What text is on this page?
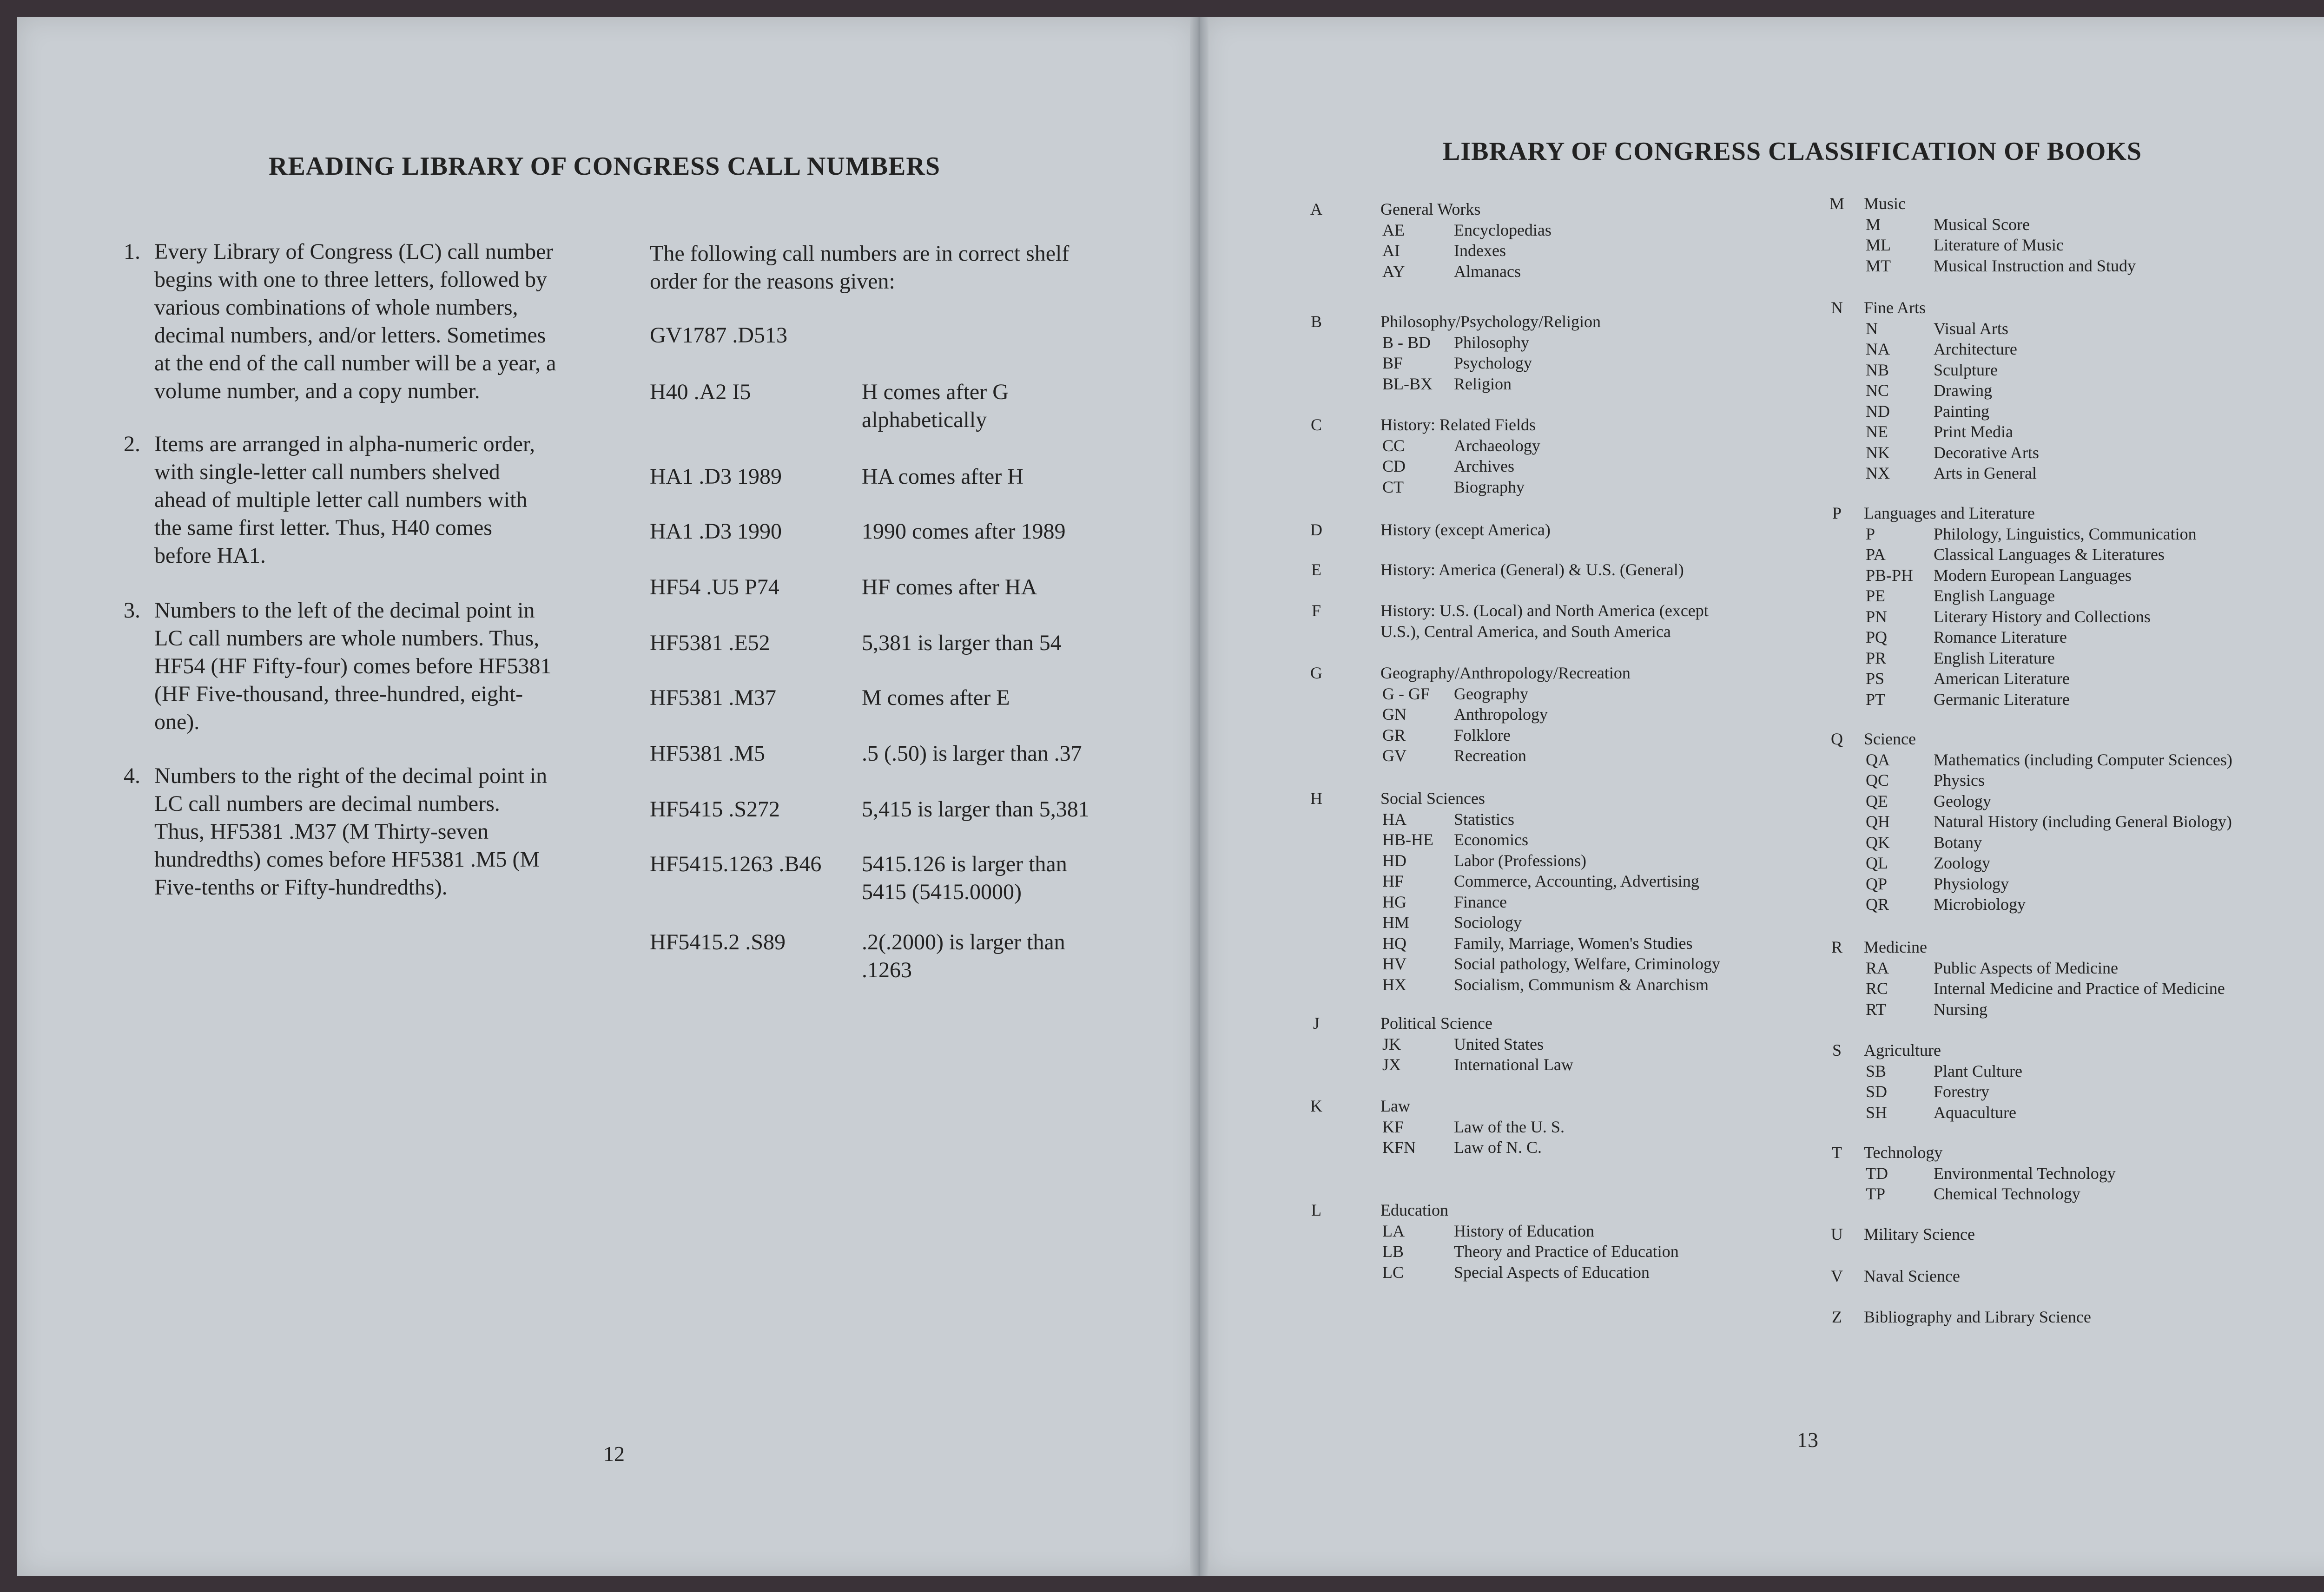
READING LIBRARY OF CONGRESS CALL NUMBERS
1. Every Library of Congress (LC) call number
begins with one to three letters, followed by
various combinations of whole numbers,
decimal numbers, and/or letters. Sometimes
at the end of the call number will be a year, a
volume number, and a copy number.
2. Items are arranged in alpha-numeric order,
with single-letter call numbers shelved
ahead of multiple letter call numbers with
the same first letter. Thus, H40 comes
before HA1.
3. Numbers to the left of the decimal point in
LC call numbers are whole numbers. Thus,
HF54 (HF Fifty-four) comes before HF5381
(HF Five-thousand, three-hundred, eight-
one).
4. Numbers to the right of the decimal point in
LC call numbers are decimal numbers.
Thus, HF5381 .M37 (M Thirty-seven
hundredths) comes before HF5381 .M5 (M
Five-tenths or Fifty-hundredths).
The following call numbers are in correct shelf
order for the reasons given:
GV1787 .D513
H40 .A2 I5	H comes after G
alphabetically
HA1 .D3 1989	HA comes after H
HA1 .D3 1990	1990 comes after 1989
HF54 .U5 P74	HF comes after HA
HF5381 .E52	5,381 is larger than 54
HF5381 .M37	M comes after E
HF5381 .M5	.5 (.50) is larger than .37
HF5415 .S272	5,415 is larger than 5,381
HF5415.1263 .B46 5415.126 is larger than
5415 (5415.0000)
HF5415.2 .S89	.2(.2000) is larger than
.1263
12
LIBRARY OF CONGRESS CLASSIFICATION OF BOOKS
A	General Works
AE	Encyclopedias
AI	Indexes
AY	Almanacs
B	Philosophy/Psychology/Religion
B - BD Philosophy
BF	Psychology
BL-BX Religion
C	History: Related Fields
CC	Archaeology
CD	Archives
CT	Biography
D	History (except America)
E	History: America (General) & U.S. (General)
F	History: U.S. (Local) and North America (except
U.S.), Central America, and South America
G	Geography/Anthropology/Recreation
G - GF Geography
GN	Anthropology
GR	Folklore
GV	Recreation
H	Social Sciences
HA	Statistics
HB-HE Economics
HD	Labor (Professions)
HF	Commerce, Accounting, Advertising
HG	Finance
HM	Sociology
HQ	Family, Marriage, Women's Studies
HV	Social pathology, Welfare, Criminology
HX	Socialism, Communism & Anarchism
J	Political Science
JK	United States
JX	International Law
K	Law
KF	Law of the U. S.
KFN Law of N. C.
L	Education
LA	History of Education
LB	Theory and Practice of Education
LC	Special Aspects of Education
M Music
M	Musical Score
ML	Literature of Music
MT	Musical Instruction and Study
N Fine Arts
N	Visual Arts
NA	Architecture
NB	Sculpture
NC	Drawing
ND	Painting
NE	Print Media
NK	Decorative Arts
NX	Arts in General
P Languages and Literature
P	Philology, Linguistics, Communication
PA	Classical Languages & Literatures
PB-PH Modern European Languages
PE	English Language
PN	Literary History and Collections
PQ	Romance Literature
PR	English Literature
PS	American Literature
PT	Germanic Literature
Q Science
QA	Mathematics (including Computer Sciences)
QC	Physics
QE	Geology
QH	Natural History (including General Biology)
QK	Botany
QL	Zoology
QP	Physiology
QR	Microbiology
R Medicine
RA	Public Aspects of Medicine
RC	Internal Medicine and Practice of Medicine
RT	Nursing
S Agriculture
SB	Plant Culture
SD	Forestry
SH	Aquaculture
T Technology
TD	Environmental Technology
TP	Chemical Technology
U Military Science
V Naval Science
Z Bibliography and Library Science
13
